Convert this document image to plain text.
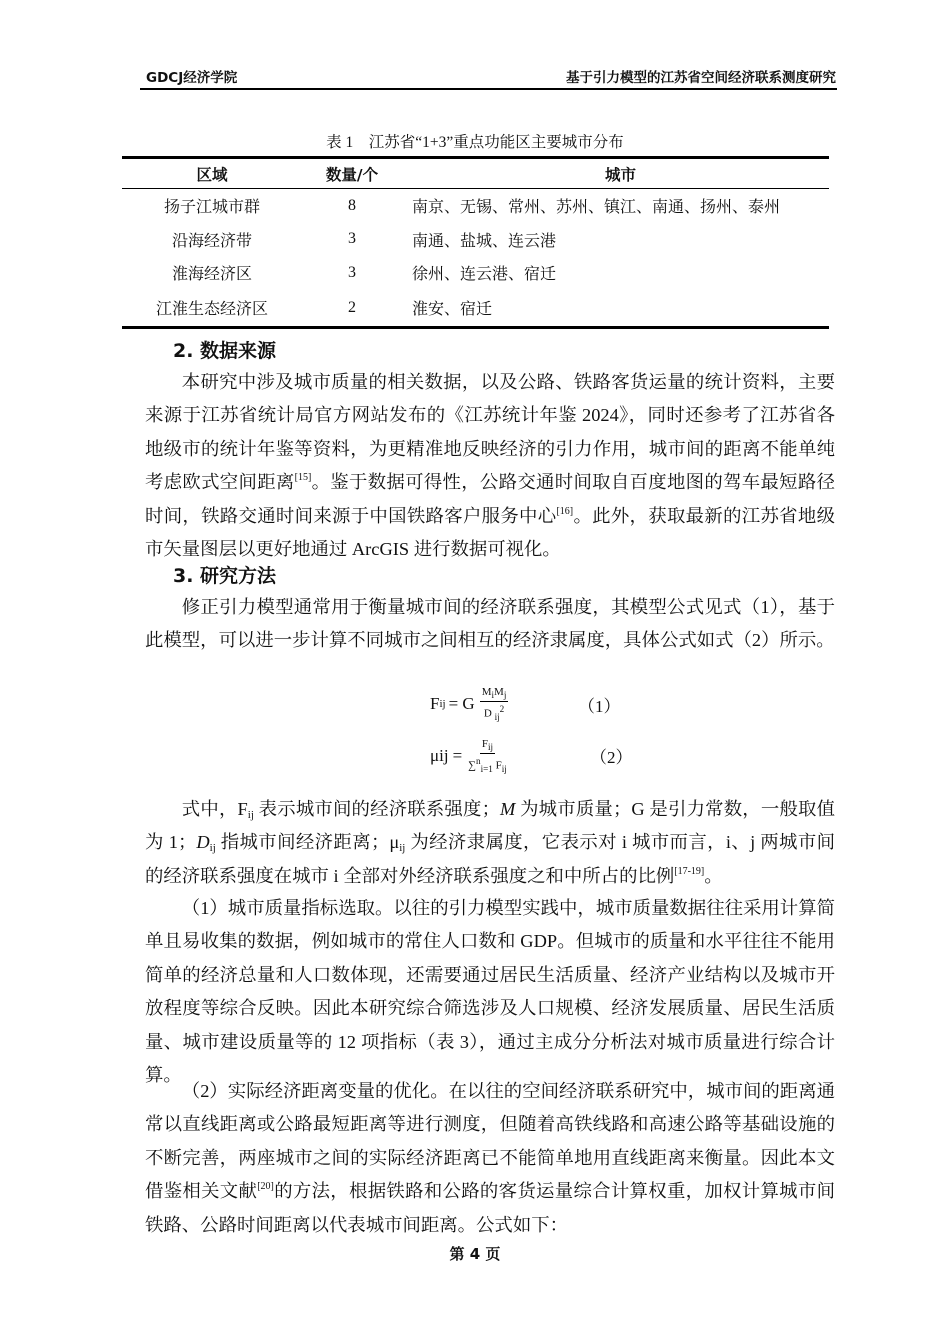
GDCJ经济学院	基于引力模型的江苏省空间经济联系测度研究
表 1　江苏省“1+3”重点功能区主要城市分布
区域	数量/个	城市
扬子江城市群	8	南京、无锡、常州、苏州、镇江、南通、扬州、泰州
沿海经济带	3	南通、盐城、连云港
淮海经济区	3	徐州、连云港、宿迁
江淮生态经济区	2	淮安、宿迁
2. 数据来源
本研究中涉及城市质量的相关数据，以及公路、铁路客货运量的统计资料，主要来源于江苏省统计局官方网站发布的《江苏统计年鉴 2024》，同时还参考了江苏省各地级市的统计年鉴等资料，为更精准地反映经济的引力作用，城市间的距离不能单纯考虑欧式空间距离[15]。鉴于数据可得性，公路交通时间取自百度地图的驾车最短路径时间，铁路交通时间来源于中国铁路客户服务中心[16]。此外，获取最新的江苏省地级市矢量图层以更好地通过 ArcGIS 进行数据可视化。
3. 研究方法
修正引力模型通常用于衡量城市间的经济联系强度，其模型公式见式（1），基于此模型，可以进一步计算不同城市之间相互的经济隶属度，具体公式如式（2）所示。
F ij = G $\frac{M_iM_j}{D _{ij}^2}$	（1）
$\mu ij = \frac{F_{ij}}{\sum^n_{i=1} F_{ij}}$	（2）
式中，$F_{ij}$ 表示城市间的经济联系强度；M 为城市质量；G 是引力常数，一般取值为 1；$D_{ij}$ 指城市间经济距离；$\mu_{ij}$ 为经济隶属度，它表示对 i 城市而言，i、j 两城市间的经济联系强度在城市 i 全部对外经济联系强度之和中所占的比例[17-19]。
（1）城市质量指标选取。以往的引力模型实践中，城市质量数据往往采用计算简单且易收集的数据，例如城市的常住人口数和 GDP。但城市的质量和水平往往不能用简单的经济总量和人口数体现，还需要通过居民生活质量、经济产业结构以及城市开放程度等综合反映。因此本研究综合筛选涉及人口规模、经济发展质量、居民生活质量、城市建设质量等的 12 项指标（表 3），通过主成分分析法对城市质量进行综合计算。
（2）实际经济距离变量的优化。在以往的空间经济联系研究中，城市间的距离通常以直线距离或公路最短距离等进行测度，但随着高铁线路和高速公路等基础设施的不断完善，两座城市之间的实际经济距离已不能简单地用直线距离来衡量。因此本文借鉴相关文献[20]的方法，根据铁路和公路的客货运量综合计算权重，加权计算城市间铁路、公路时间距离以代表城市间距离。公式如下：
第 4 页
